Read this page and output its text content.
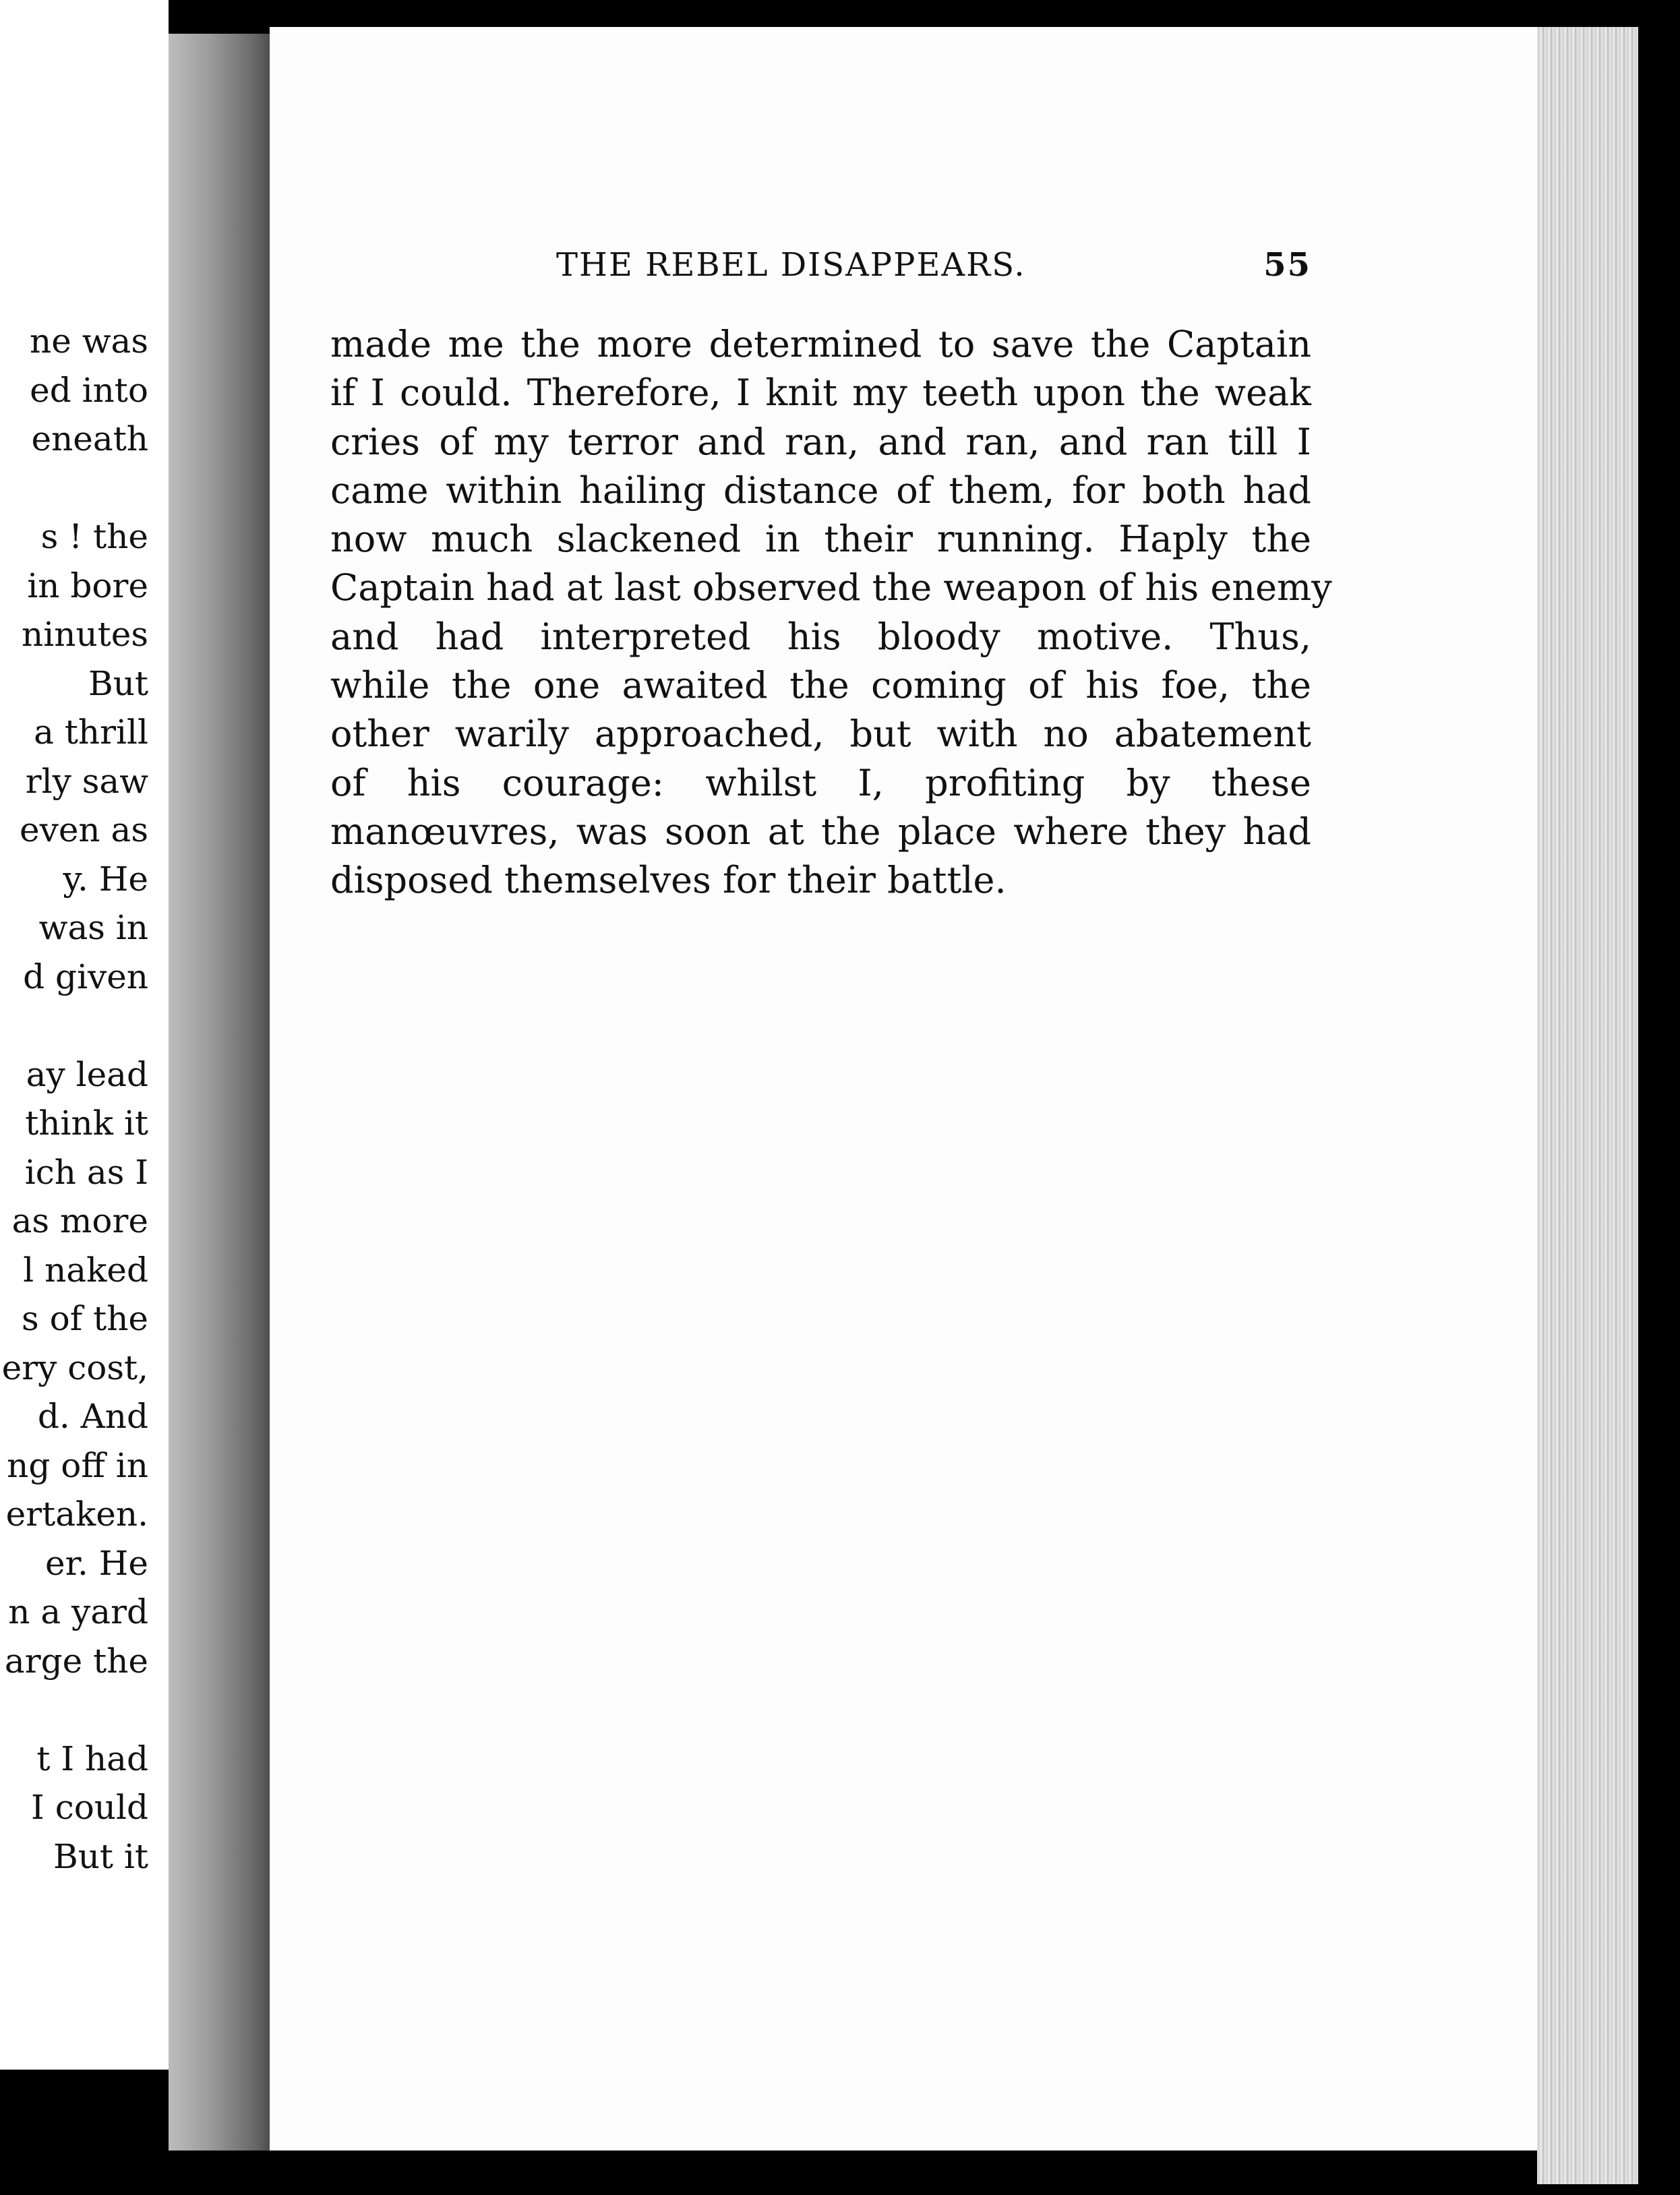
ne was
ed into
eneath
s ! the
in bore
ninutes
But
a thrill
rly saw
even as
y. He
was in
d given
ay lead
think it
ich as I
as more
l naked
s of the
ery cost,
d. And
ng off in
ertaken.
er. He
n a yard
arge the
t I had
I could
But it
THE REBEL DISAPPEARS.	55
made me the more determined to save the Captain
if I could. Therefore, I knit my teeth upon the weak
cries of my terror and ran, and ran, and ran till I
came within hailing distance of them, for both had
now much slackened in their running. Haply the
Captain had at last observed the weapon of his enemy
and had interpreted his bloody motive. Thus,
while the one awaited the coming of his foe, the
other warily approached, but with no abatement
of his courage: whilst I, profiting by these
manœuvres, was soon at the place where they had
disposed themselves for their battle.
